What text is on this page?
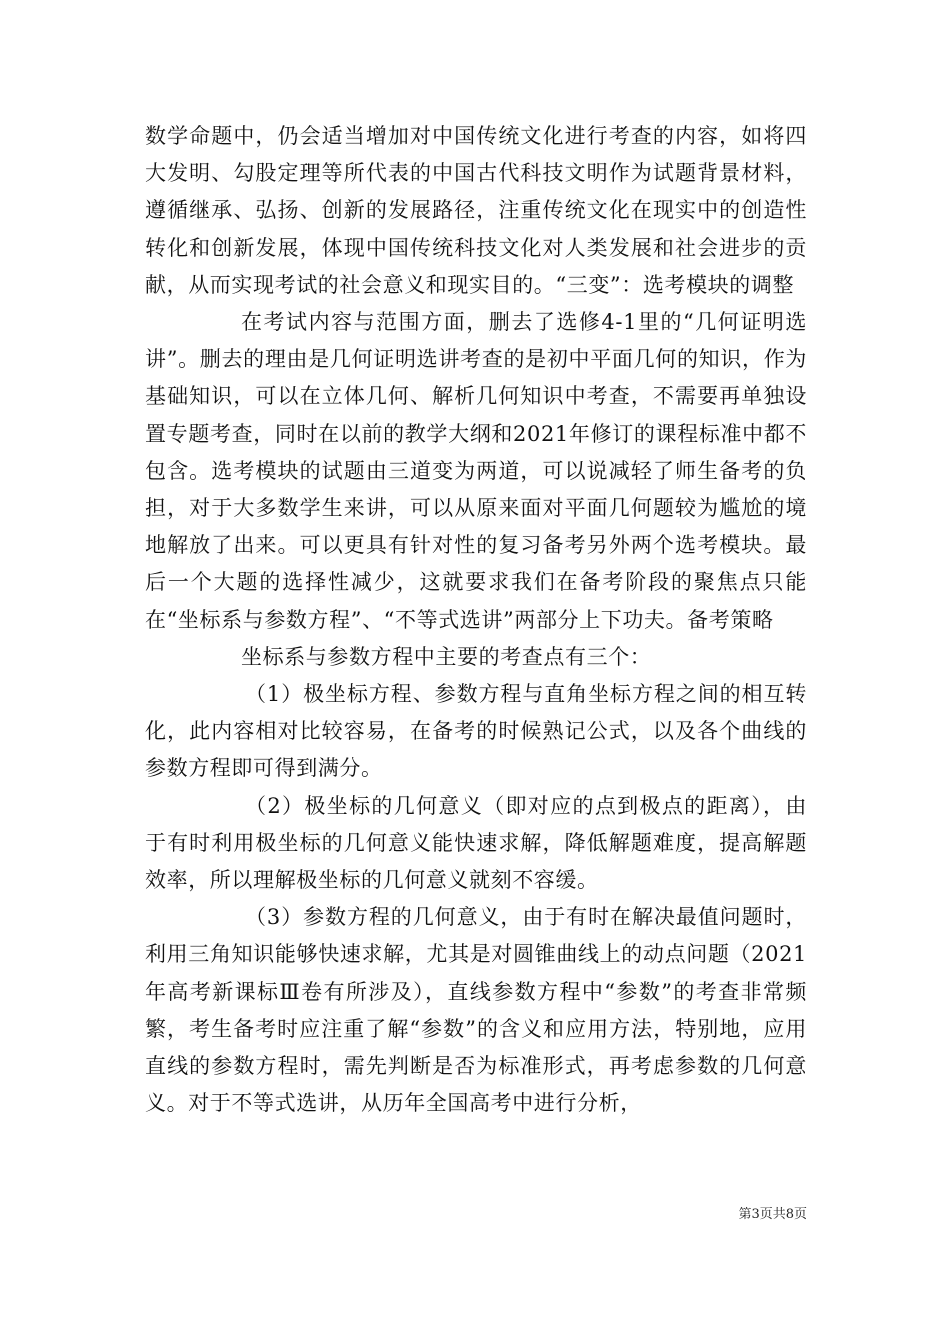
数学命题中，仍会适当增加对中国传统文化进行考查的内容，如将四大发明、勾股定理等所代表的中国古代科技文明作为试题背景材料，遵循继承、弘扬、创新的发展路径，注重传统文化在现实中的创造性转化和创新发展，体现中国传统科技文化对人类发展和社会进步的贡献，从而实现考试的社会意义和现实目的。“三变”：选考模块的调整

在考试内容与范围方面，删去了选修4-1里的“几何证明选讲”。删去的理由是几何证明选讲考查的是初中平面几何的知识，作为基础知识，可以在立体几何、解析几何知识中考查，不需要再单独设置专题考查，同时在以前的教学大纲和2021年修订的课程标准中都不包含。选考模块的试题由三道变为两道，可以说减轻了师生备考的负担，对于大多数学生来讲，可以从原来面对平面几何题较为尴尬的境地解放了出来。可以更具有针对性的复习备考另外两个选考模块。最后一个大题的选择性减少，这就要求我们在备考阶段的聚焦点只能在“坐标系与参数方程”、“不等式选讲”两部分上下功夫。备考策略

坐标系与参数方程中主要的考查点有三个：

（1）极坐标方程、参数方程与直角坐标方程之间的相互转化，此内容相对比较容易，在备考的时候熟记公式，以及各个曲线的参数方程即可得到满分。

（2）极坐标的几何意义（即对应的点到极点的距离），由于有时利用极坐标的几何意义能快速求解，降低解题难度，提高解题效率，所以理解极坐标的几何意义就刻不容缓。

（3）参数方程的几何意义，由于有时在解决最值问题时，利用三角知识能够快速求解，尤其是对圆锥曲线上的动点问题（2021年高考新课标Ⅲ卷有所涉及），直线参数方程中“参数”的考查非常频繁，考生备考时应注重了解“参数”的含义和应用方法，特别地，应用直线的参数方程时，需先判断是否为标准形式，再考虑参数的几何意义。对于不等式选讲，从历年全国高考中进行分析，

第3页共8页
